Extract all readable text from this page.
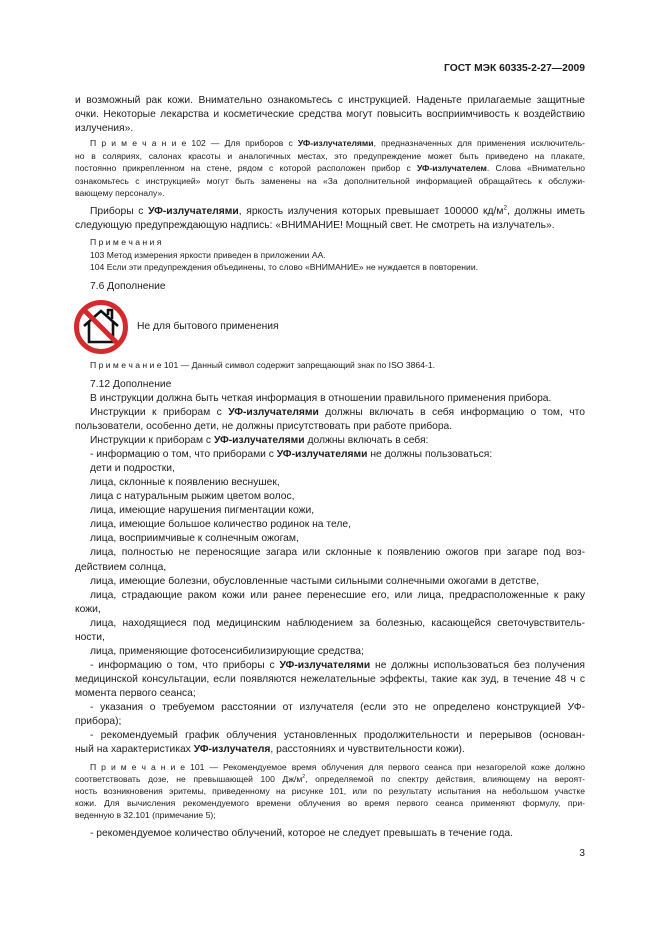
ГОСТ МЭК 60335-2-27—2009
и возможный рак кожи. Внимательно ознакомьтесь с инструкцией. Наденьте прилагаемые защитные
очки. Некоторые лекарства и косметические средства могут повысить восприимчивость к воздействию
излучения».
П р и м е ч а н и е 102 — Для приборов с УФ-излучателями, предназначенных для применения исключитель-
но в соляриях, салонах красоты и аналогичных местах, это предупреждение может быть приведено на плакате,
постоянно прикрепленном на стене, рядом с которой расположен прибор с УФ-излучателем. Слова «Внимательно
ознакомьтесь с инструкцией» могут быть заменены на «За дополнительной информацией обращайтесь к обслужи-
вающему персоналу».
Приборы с УФ-излучателями, яркость излучения которых превышает 100000 $кд/м^2$, должны иметь
следующую предупреждающую надпись: «ВНИМАНИЕ! Мощный свет. Не смотреть на излучатель».
П р и м е ч а н и я
103 Метод измерения яркости приведен в приложении АА.
104 Если эти предупреждения объединены, то слово «ВНИМАНИЕ» не нуждается в повторении.
7.6 Дополнение
Не для бытового применения
П р и м е ч а н и е 101 — Данный символ содержит запрещающий знак по ISO 3864-1.
7.12 Дополнение
В инструкции должна быть четкая информация в отношении правильного применения прибора.
Инструкции к приборам с УФ-излучателями должны включать в себя информацию о том, что
пользователи, особенно дети, не должны присутствовать при работе прибора.
Инструкции к приборам с УФ-излучателями должны включать в себя:
- информацию о том, что приборами с УФ-излучателями не должны пользоваться:
дети и подростки,
лица, склонные к появлению веснушек,
лица с натуральным рыжим цветом волос,
лица, имеющие нарушения пигментации кожи,
лица, имеющие большое количество родинок на теле,
лица, восприимчивые к солнечным ожогам,
лица, полностью не переносящие загара или склонные к появлению ожогов при загаре под воз-
действием солнца,
лица, имеющие болезни, обусловленные частыми сильными солнечными ожогами в детстве,
лица, страдающие раком кожи или ранее перенесшие его, или лица, предрасположенные к раку
кожи,
лица, находящиеся под медицинским наблюдением за болезнью, касающейся светочувствитель-
ности,
лица, применяющие фотосенсибилизирующие средства;
- информацию о том, что приборы с УФ-излучателями не должны использоваться без получения
медицинской консультации, если появляются нежелательные эффекты, такие как зуд, в течение 48 ч с
момента первого сеанса;
- указания о требуемом расстоянии от излучателя (если это не определено конструкцией УФ-
прибора);
- рекомендуемый график облучения установленных продолжительности и перерывов (основан-
ный на характеристиках УФ-излучателя, расстояниях и чувствительности кожи).
П р и м е ч а н и е 101 — Рекомендуемое время облучения для первого сеанса при незагорелой коже должно
соответствовать дозе, не превышающей 100 $Дж/м^2$, определяемой по спектру действия, влияющему на вероят-
ность возникновения эритемы, приведенному на рисунке 101, или по результату испытания на небольшом участке
кожи. Для вычисления рекомендуемого времени облучения во время первого сеанса применяют формулу, при-
веденную в 32.101 (примечание 5);
- рекомендуемое количество облучений, которое не следует превышать в течение года.
3
